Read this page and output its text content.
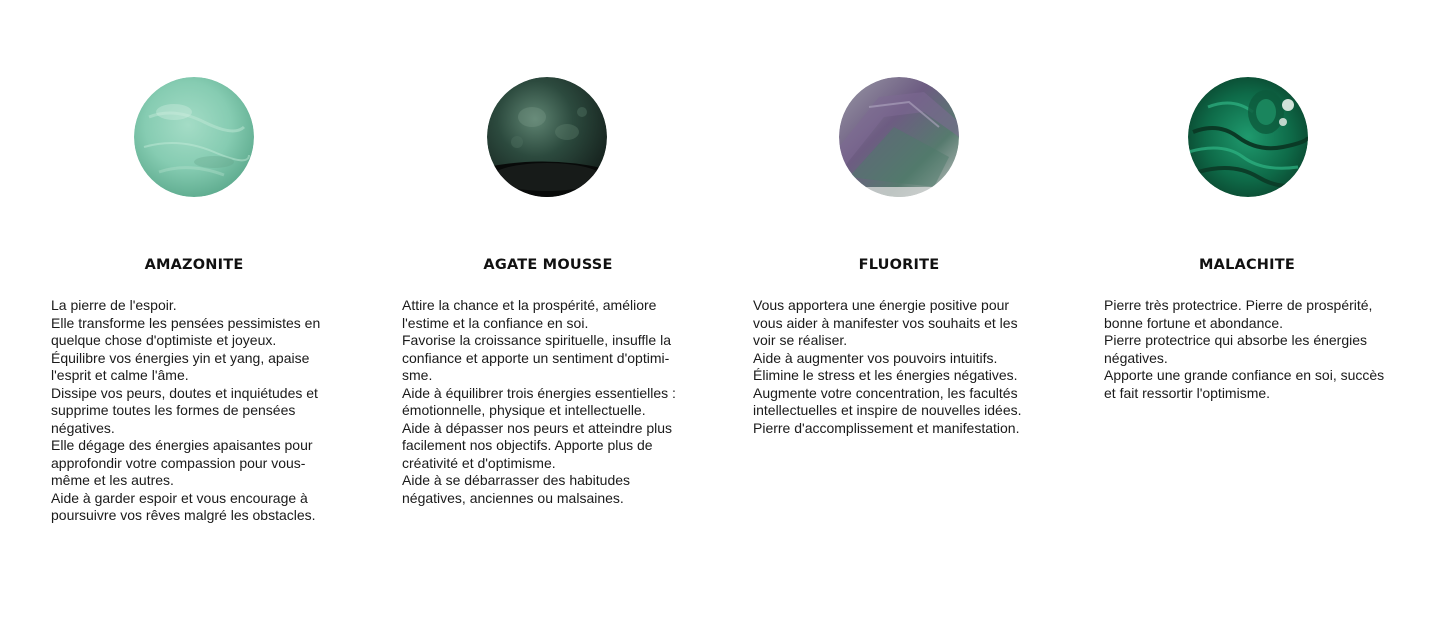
AMAZONITE
La pierre de l'espoir.
Elle transforme les pensées pessimistes en
quelque chose d'optimiste et joyeux.
Équilibre vos énergies yin et yang, apaise
l'esprit et calme l'âme.
Dissipe vos peurs, doutes et inquiétudes et
supprime toutes les formes de pensées
négatives.
Elle dégage des énergies apaisantes pour
approfondir votre compassion pour vous-
même et les autres.
Aide à garder espoir et vous encourage à
poursuivre vos rêves malgré les obstacles.
AGATE MOUSSE
Attire la chance et la prospérité, améliore
l'estime et la confiance en soi.
Favorise la croissance spirituelle, insuffle la
confiance et apporte un sentiment d'optimi-
sme.
Aide à équilibrer trois énergies essentielles :
émotionnelle, physique et intellectuelle.
Aide à dépasser nos peurs et atteindre plus
facilement nos objectifs. Apporte plus de
créativité et d'optimisme.
Aide à se débarrasser des habitudes
négatives, anciennes ou malsaines.
FLUORITE
Vous apportera une énergie positive pour
vous aider à manifester vos souhaits et les
voir se réaliser.
Aide à augmenter vos pouvoirs intuitifs.
Élimine le stress et les énergies négatives.
Augmente votre concentration, les facultés
intellectuelles et inspire de nouvelles idées.
Pierre d'accomplissement et manifestation.
MALACHITE
Pierre très protectrice. Pierre de prospérité,
bonne fortune et abondance.
Pierre protectrice qui absorbe les énergies
négatives.
Apporte une grande confiance en soi, succès
et fait ressortir l'optimisme.
